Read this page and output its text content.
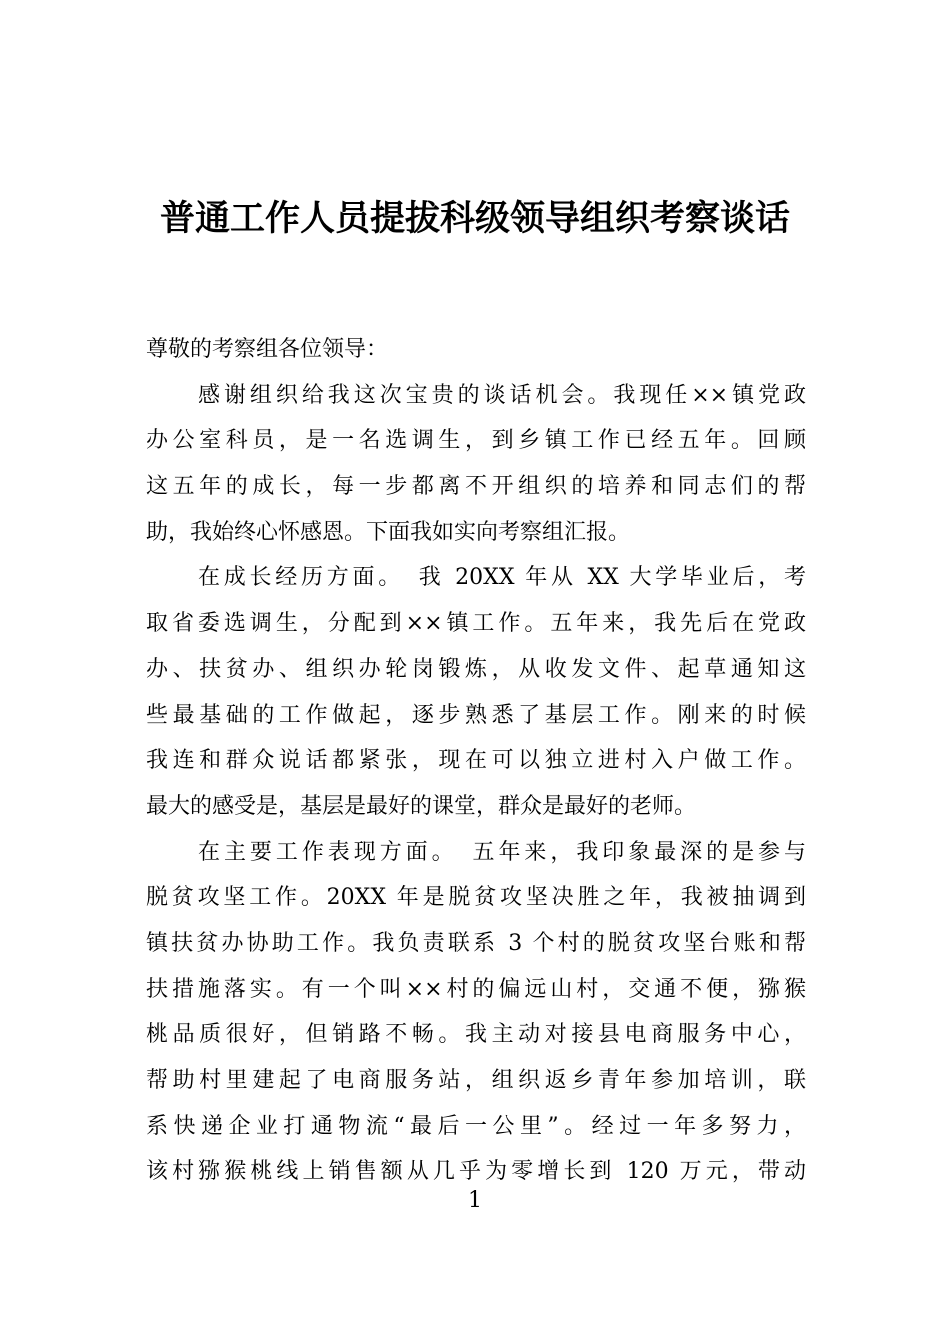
普通工作人员提拔科级领导组织考察谈话
尊敬的考察组各位领导：
感谢组织给我这次宝贵的谈话机会。我现任××镇党政
办公室科员，是一名选调生，到乡镇工作已经五年。回顾
这五年的成长，每一步都离不开组织的培养和同志们的帮
助，我始终心怀感恩。下面我如实向考察组汇报。
在成长经历方面。　我 20XX 年从 XX 大学毕业后，考
取省委选调生，分配到××镇工作。五年来，我先后在党政
办、扶贫办、组织办轮岗锻炼，从收发文件、起草通知这
些最基础的工作做起，逐步熟悉了基层工作。刚来的时候
我连和群众说话都紧张，现在可以独立进村入户做工作。
最大的感受是，基层是最好的课堂，群众是最好的老师。
在主要工作表现方面。　五年来，我印象最深的是参与
脱贫攻坚工作。20XX 年是脱贫攻坚决胜之年，我被抽调到
镇扶贫办协助工作。我负责联系 3 个村的脱贫攻坚台账和帮
扶措施落实。有一个叫××村的偏远山村，交通不便，猕猴
桃品质很好，但销路不畅。我主动对接县电商服务中心，
帮助村里建起了电商服务站，组织返乡青年参加培训，联
系快递企业打通物流“最后一公里”。经过一年多努力，
该村猕猴桃线上销售额从几乎为零增长到 120 万元，带动
1
